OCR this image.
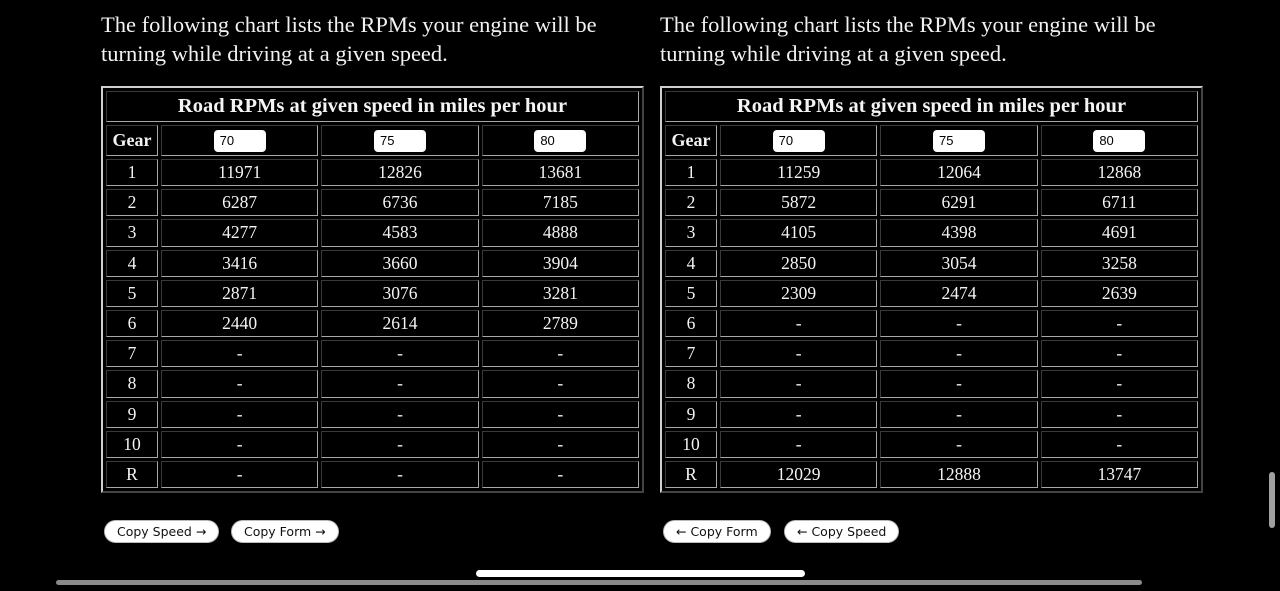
The following chart lists the RPMs your engine will be turning while driving at a given speed.
Road RPMs at given speed in miles per hour			
Gear	70	75	80
1	11971	12826	13681
2	6287	6736	7185
3	4277	4583	4888
4	3416	3660	3904
5	2871	3076	3281
6	2440	2614	2789
7	-	-	-
8	-	-	-
9	-	-	-
10	-	-	-
R	-	-	-
The following chart lists the RPMs your engine will be turning while driving at a given speed.
Road RPMs at given speed in miles per hour			
Gear	70	75	80
1	11259	12064	12868
2	5872	6291	6711
3	4105	4398	4691
4	2850	3054	3258
5	2309	2474	2639
6	-	-	-
7	-	-	-
8	-	-	-
9	-	-	-
10	-	-	-
R	12029	12888	13747
Copy Speed →	Copy Form →	← Copy Form	← Copy Speed
